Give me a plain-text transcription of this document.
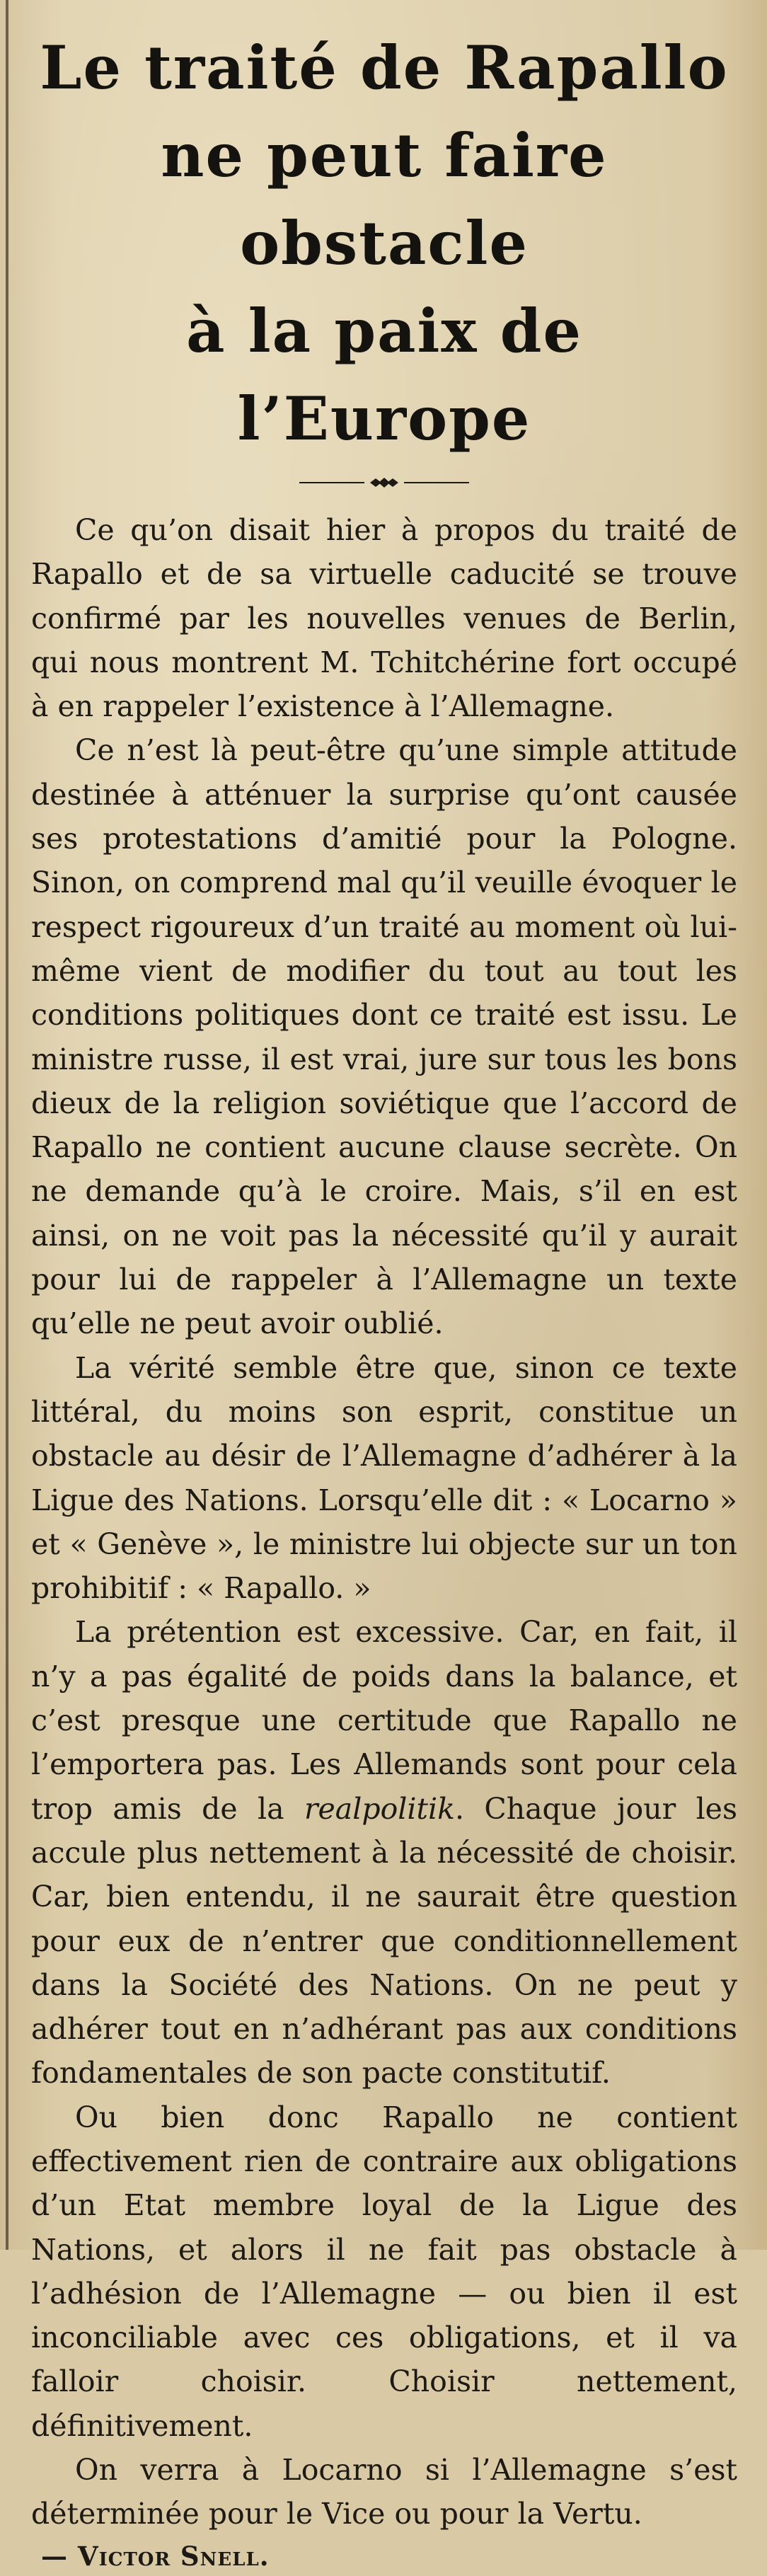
Le traité de Rapallo
ne peut faire obstacle
à la paix de l’Europe

Ce qu’on disait hier à propos du traité de Rapallo et de sa virtuelle caducité se trouve confirmé par les nouvelles venues de Berlin, qui nous montrent M. Tchitchérine fort occupé à en rappeler l’existence à l’Allemagne.

Ce n’est là peut-être qu’une simple attitude destinée à atténuer la surprise qu’ont causée ses protestations d’amitié pour la Pologne. Sinon, on comprend mal qu’il veuille évoquer le respect rigoureux d’un traité au moment où lui-même vient de modifier du tout au tout les conditions politiques dont ce traité est issu. Le ministre russe, il est vrai, jure sur tous les bons dieux de la religion soviétique que l’accord de Rapallo ne contient aucune clause secrète. On ne demande qu’à le croire. Mais, s’il en est ainsi, on ne voit pas la nécessité qu’il y aurait pour lui de rappeler à l’Allemagne un texte qu’elle ne peut avoir oublié.

La vérité semble être que, sinon ce texte littéral, du moins son esprit, constitue un obstacle au désir de l’Allemagne d’adhérer à la Ligue des Nations. Lorsqu’elle dit : « Locarno » et « Genève », le ministre lui objecte sur un ton prohibitif : « Rapallo. »

La prétention est excessive. Car, en fait, il n’y a pas égalité de poids dans la balance, et c’est presque une certitude que Rapallo ne l’emportera pas. Les Allemands sont pour cela trop amis de la realpolitik. Chaque jour les accule plus nettement à la nécessité de choisir. Car, bien entendu, il ne saurait être question pour eux de n’entrer que conditionnellement dans la Société des Nations. On ne peut y adhérer tout en n’adhérant pas aux conditions fondamentales de son pacte constitutif.

Ou bien donc Rapallo ne contient effectivement rien de contraire aux obligations d’un Etat membre loyal de la Ligue des Nations, et alors il ne fait pas obstacle à l’adhésion de l’Allemagne — ou bien il est inconciliable avec ces obligations, et il va falloir choisir. Choisir nettement, définitivement.

On verra à Locarno si l’Allemagne s’est déterminée pour le Vice ou pour la Vertu.

— Victor Snell.
